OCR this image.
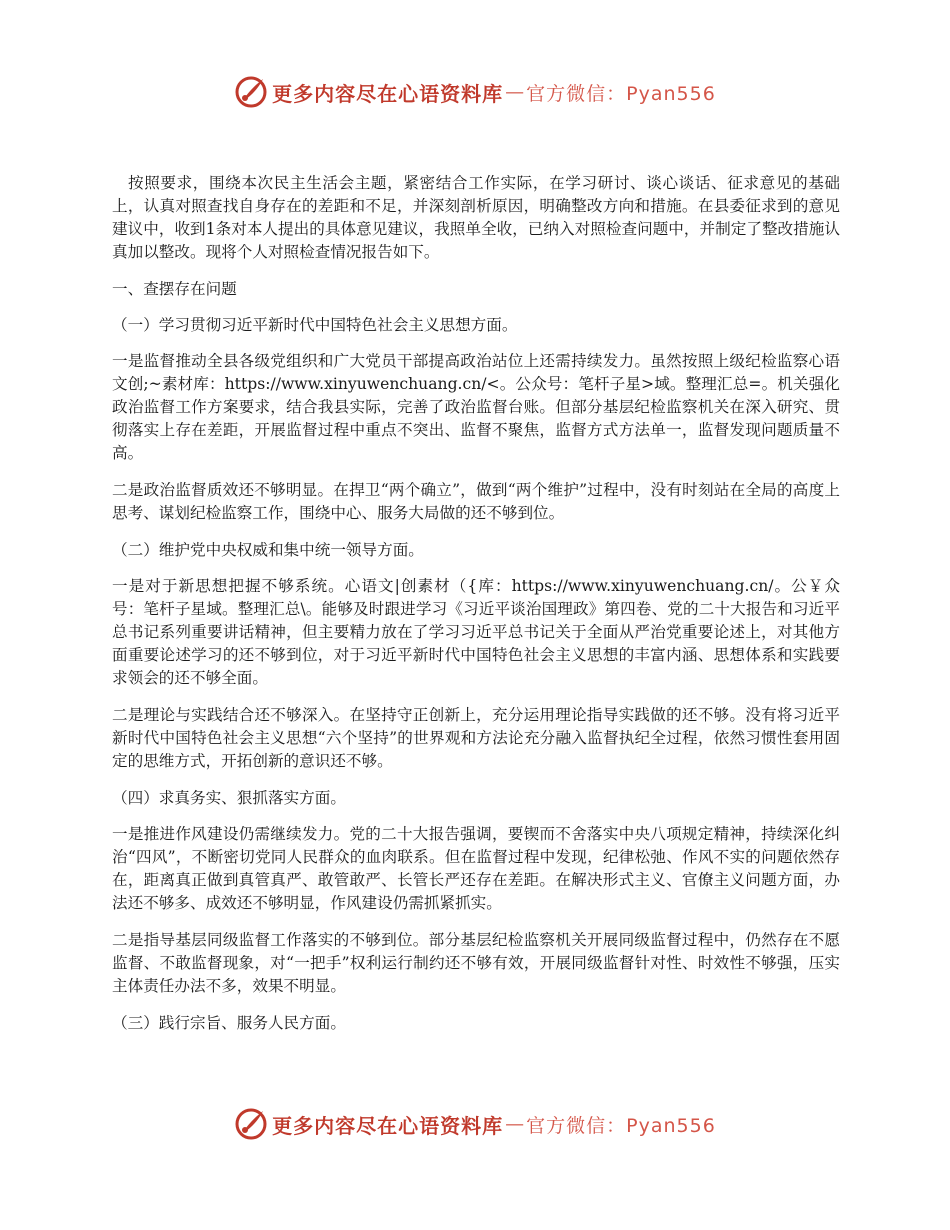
更多内容尽在心语资料库 — 官方微信：Pyan556

按照要求，围绕本次民主生活会主题，紧密结合工作实际，在学习研讨、谈心谈话、征求意见的基础上，认真对照查找自身存在的差距和不足，并深刻剖析原因，明确整改方向和措施。在县委征求到的意见建议中，收到1条对本人提出的具体意见建议，我照单全收，已纳入对照检查问题中，并制定了整改措施认真加以整改。现将个人对照检查情况报告如下。

一、查摆存在问题

（一）学习贯彻习近平新时代中国特色社会主义思想方面。

一是监督推动全县各级党组织和广大党员干部提高政治站位上还需持续发力。虽然按照上级纪检监察心语文创;~素材库：https://www.xinyuwenchuang.cn/<。公众号：笔杆子星>域。整理汇总=。机关强化政治监督工作方案要求，结合我县实际，完善了政治监督台账。但部分基层纪检监察机关在深入研究、贯彻落实上存在差距，开展监督过程中重点不突出、监督不聚焦，监督方式方法单一，监督发现问题质量不高。

二是政治监督质效还不够明显。在捍卫“两个确立”，做到“两个维护”过程中，没有时刻站在全局的高度上思考、谋划纪检监察工作，围绕中心、服务大局做的还不够到位。

（二）维护党中央权威和集中统一领导方面。

一是对于新思想把握不够系统。心语文|创素材（{库：https://www.xinyuwenchuang.cn/。公￥众号：笔杆子星域。整理汇总\。能够及时跟进学习《习近平谈治国理政》第四卷、党的二十大报告和习近平总书记系列重要讲话精神，但主要精力放在了学习习近平总书记关于全面从严治党重要论述上，对其他方面重要论述学习的还不够到位，对于习近平新时代中国特色社会主义思想的丰富内涵、思想体系和实践要求领会的还不够全面。

二是理论与实践结合还不够深入。在坚持守正创新上，充分运用理论指导实践做的还不够。没有将习近平新时代中国特色社会主义思想“六个坚持”的世界观和方法论充分融入监督执纪全过程，依然习惯性套用固定的思维方式，开拓创新的意识还不够。

（四）求真务实、狠抓落实方面。

一是推进作风建设仍需继续发力。党的二十大报告强调，要锲而不舍落实中央八项规定精神，持续深化纠治“四风”，不断密切党同人民群众的血肉联系。但在监督过程中发现，纪律松弛、作风不实的问题依然存在，距离真正做到真管真严、敢管敢严、长管长严还存在差距。在解决形式主义、官僚主义问题方面，办法还不够多、成效还不够明显，作风建设仍需抓紧抓实。

二是指导基层同级监督工作落实的不够到位。部分基层纪检监察机关开展同级监督过程中，仍然存在不愿监督、不敢监督现象，对“一把手”权利运行制约还不够有效，开展同级监督针对性、时效性不够强，压实主体责任办法不多，效果不明显。

（三）践行宗旨、服务人民方面。

更多内容尽在心语资料库 — 官方微信：Pyan556
